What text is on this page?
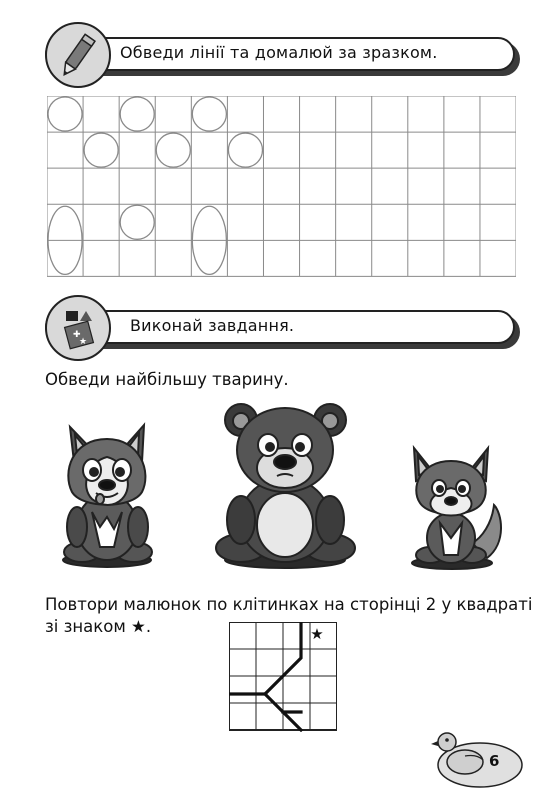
Обведи лінії та домалюй за зразком.
✚
★
Виконай завдання.
Обведи найбільшу тварину.
Повтори малюнок по клітинках на сторінці 2 у квадраті
зі знаком ★.	★
6
